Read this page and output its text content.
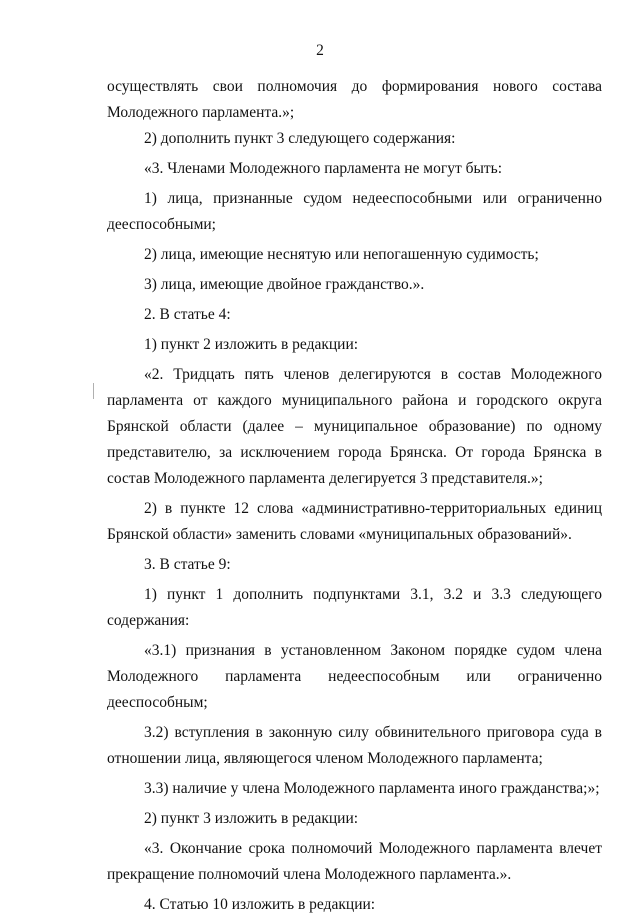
2

осуществлять свои полномочия до формирования нового состава Молодежного парламента.»;

2) дополнить пункт 3 следующего содержания:

«3. Членами Молодежного парламента не могут быть:

1) лица, признанные судом недееспособными или ограниченно дееспособными;

2) лица, имеющие неснятую или непогашенную судимость;

3) лица, имеющие двойное гражданство.».

2. В статье 4:

1) пункт 2 изложить в редакции:

«2. Тридцать пять членов делегируются в состав Молодежного парламента от каждого муниципального района и городского округа Брянской области (далее – муниципальное образование) по одному представителю, за исключением города Брянска. От города Брянска в состав Молодежного парламента делегируется 3 представителя.»;

2) в пункте 12 слова «административно-территориальных единиц Брянской области» заменить словами «муниципальных образований».

3. В статье 9:

1) пункт 1 дополнить подпунктами 3.1, 3.2 и 3.3 следующего содержания:

«3.1) признания в установленном Законом порядке судом члена Молодежного парламента недееспособным или ограниченно дееспособным;

3.2) вступления в законную силу обвинительного приговора суда в отношении лица, являющегося членом Молодежного парламента;

3.3) наличие у члена Молодежного парламента иного гражданства;»;

2) пункт 3 изложить в редакции:

«3. Окончание срока полномочий Молодежного парламента влечет прекращение полномочий члена Молодежного парламента.».

4. Статью 10 изложить в редакции:
